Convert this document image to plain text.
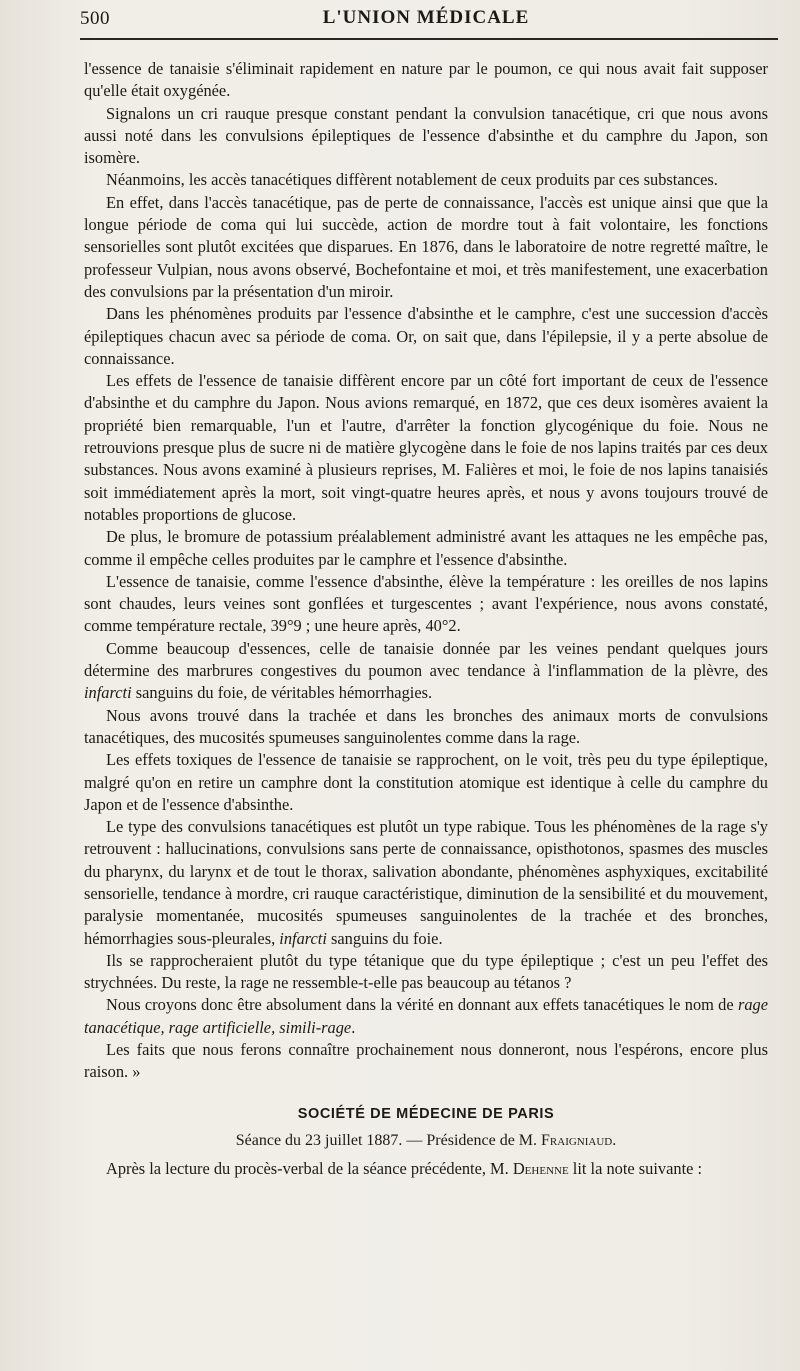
500	L'UNION MÉDICALE

l'essence de tanaisie s'éliminait rapidement en nature par le poumon, ce qui nous avait fait supposer qu'elle était oxygénée.

Signalons un cri rauque presque constant pendant la convulsion tanacétique, cri que nous avons aussi noté dans les convulsions épileptiques de l'essence d'absinthe et du camphre du Japon, son isomère.

Néanmoins, les accès tanacétiques diffèrent notablement de ceux produits par ces substances.

En effet, dans l'accès tanacétique, pas de perte de connaissance, l'accès est unique ainsi que que la longue période de coma qui lui succède, action de mordre tout à fait volontaire, les fonctions sensorielles sont plutôt excitées que disparues. En 1876, dans le laboratoire de notre regretté maître, le professeur Vulpian, nous avons observé, Bochefontaine et moi, et très manifestement, une exacerbation des convulsions par la présentation d'un miroir.

Dans les phénomènes produits par l'essence d'absinthe et le camphre, c'est une succession d'accès épileptiques chacun avec sa période de coma. Or, on sait que, dans l'épilepsie, il y a perte absolue de connaissance.

Les effets de l'essence de tanaisie diffèrent encore par un côté fort important de ceux de l'essence d'absinthe et du camphre du Japon. Nous avions remarqué, en 1872, que ces deux isomères avaient la propriété bien remarquable, l'un et l'autre, d'arrêter la fonction glycogénique du foie. Nous ne retrouvions presque plus de sucre ni de matière glycogène dans le foie de nos lapins traités par ces deux substances. Nous avons examiné à plusieurs reprises, M. Falières et moi, le foie de nos lapins tanaisiés soit immédiatement après la mort, soit vingt-quatre heures après, et nous y avons toujours trouvé de notables proportions de glucose.

De plus, le bromure de potassium préalablement administré avant les attaques ne les empêche pas, comme il empêche celles produites par le camphre et l'essence d'absinthe.

L'essence de tanaisie, comme l'essence d'absinthe, élève la température : les oreilles de nos lapins sont chaudes, leurs veines sont gonflées et turgescentes ; avant l'expérience, nous avons constaté, comme température rectale, 39°9 ; une heure après, 40°2.

Comme beaucoup d'essences, celle de tanaisie donnée par les veines pendant quelques jours détermine des marbrures congestives du poumon avec tendance à l'inflammation de la plèvre, des infarcti sanguins du foie, de véritables hémorrhagies.

Nous avons trouvé dans la trachée et dans les bronches des animaux morts de convulsions tanacétiques, des mucosités spumeuses sanguinolentes comme dans la rage.

Les effets toxiques de l'essence de tanaisie se rapprochent, on le voit, très peu du type épileptique, malgré qu'on en retire un camphre dont la constitution atomique est identique à celle du camphre du Japon et de l'essence d'absinthe.

Le type des convulsions tanacétiques est plutôt un type rabique. Tous les phénomènes de la rage s'y retrouvent : hallucinations, convulsions sans perte de connaissance, opisthotonos, spasmes des muscles du pharynx, du larynx et de tout le thorax, salivation abondante, phénomènes asphyxiques, excitabilité sensorielle, tendance à mordre, cri rauque caractéristique, diminution de la sensibilité et du mouvement, paralysie momentanée, mucosités spumeuses sanguinolentes de la trachée et des bronches, hémorrhagies sous-pleurales, infarcti sanguins du foie.

Ils se rapprocheraient plutôt du type tétanique que du type épileptique ; c'est un peu l'effet des strychnées. Du reste, la rage ne ressemble-t-elle pas beaucoup au tétanos ?

Nous croyons donc être absolument dans la vérité en donnant aux effets tanacétiques le nom de rage tanacétique, rage artificielle, simili-rage.

Les faits que nous ferons connaître prochainement nous donneront, nous l'espérons, encore plus raison. »

SOCIÉTÉ DE MÉDECINE DE PARIS

Séance du 23 juillet 1887. — Présidence de M. Fraigniaud.

Après la lecture du procès-verbal de la séance précédente, M. Dehenne lit la note suivante :
